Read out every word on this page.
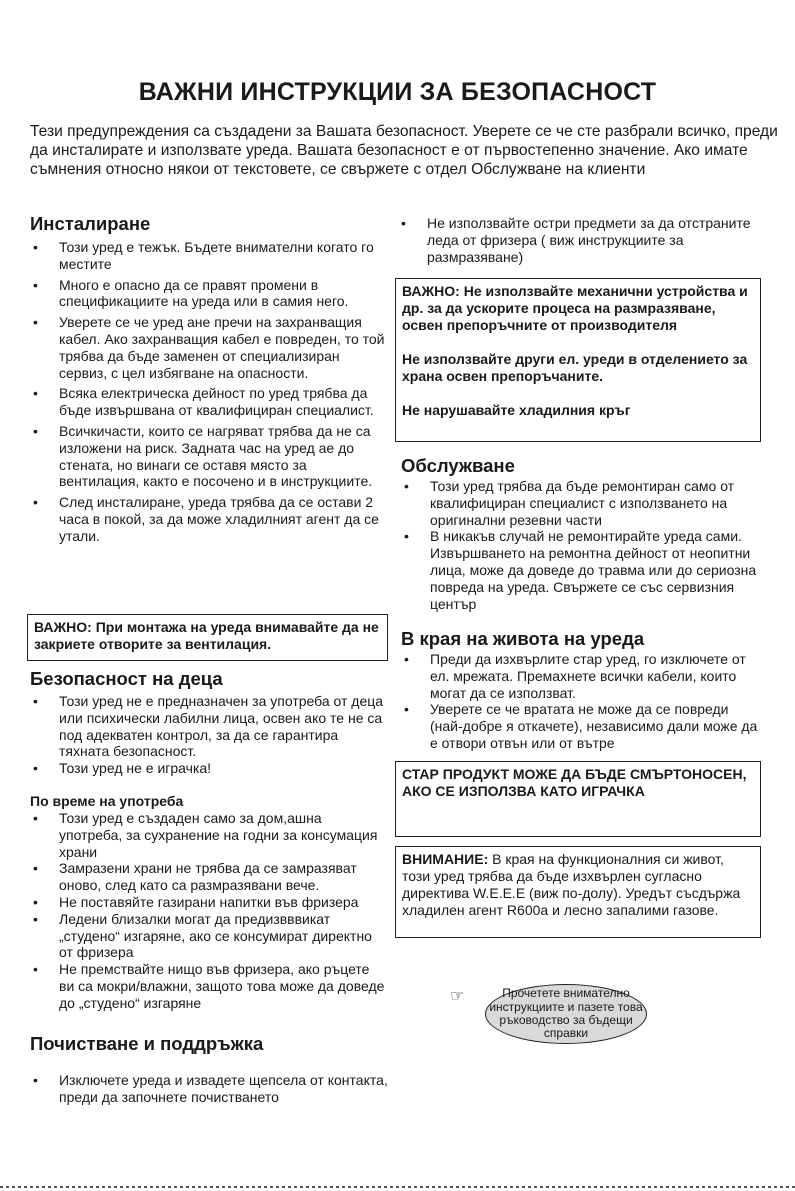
ВАЖНИ ИНСТРУКЦИИ ЗА БЕЗОПАСНОСТ
Тези предупреждения са създадени за Вашата безопасност. Уверете се че сте разбрали всичко, преди да инсталирате и използвате уреда. Вашата безопасност е от първостепенно значение. Ако имате съмнения относно някои от текстовете, се свържете с отдел Обслужване на клиенти
Инсталиране
• Този уред е тежък. Бъдете внимателни когато го местите
• Много е опасно да се правят промени в спецификациите на уреда или в самия него.
• Уверете се че уред ане пречи на захранващия кабел. Ако захранващия кабел е повреден, то той трябва да бъде заменен от специализиран сервиз, с цел избягване на опасности.
• Всяка електрическа дейност по уред трябва да бъде извършвана от квалифициран специалист.
• Всичкичасти, които се нагряват трябва да не са изложени на риск. Задната час на уред ае до стената, но винаги се оставя място за вентилация, както е посочено и в инструкциите.
• След инсталиране, уреда трябва да се остави 2 часа в покой, за да може хладилният агент да се утали.

ВАЖНО: При монтажа на уреда внимавайте да не закриете отворите за вентилация.

Безопасност на деца
• Този уред не е предназначен за употреба от деца или психически лабилни лица, освен ако те не са под адекватен контрол, за да се гарантира тяхната безопасност.
• Този уред не е играчка!
По време на употреба
• Този уред е създаден само за дом,ашна употреба, за сухранение на годни за консумация храни
• Замразени храни не трябва да се замразяват оново, след като са размразявани вече.
• Не поставяйте газирани напитки във фризера
• Ледени близалки могат да предизвввикат „студено“ изгаряне, ако се консумират директно от фризера
• Не премствайте нищо във фризера, ако ръцете ви са мокри/влажни, защото това може да доведе до „студено“ изгаряне
Почистване и поддръжка
• Изключете уреда и извадете щепсела от контакта, преди да започнете почистването
• Не използвайте остри предмети за да отстраните леда от фризера ( виж инструкциите за размразяване)

ВАЖНО: Не използвайте механични устройства и др. за да ускорите процеса на размразяване, освен препоръчните от производителя

Не използвайте други ел. уреди в отделението за храна освен препоръчаните.

Не нарушавайте хладилния кръг

Обслужване
• Този уред трябва да бъде ремонтиран само от квалифициран специалист с използването на оригинални резевни части
• В никакъв случай не ремонтирайте уреда сами. Извършването на ремонтна дейност от неопитни лица, може да доведе до травма или до сериозна повреда на уреда. Свържете се със сервизния център
В края на живота на уреда
• Преди да изхвърлите стар уред, го изключете от ел. мрежата. Премахнете всички кабели, които могат да се използват.
• Уверете се че вратата не може да се повреди (най-добре я откачете), независимо дали може да е отвори отвън или от вътре

СТАР ПРОДУКТ МОЖЕ ДА БЪДЕ СМЪРТОНОСЕН, АКО СЕ ИЗПОЛЗВА КАТО ИГРАЧКА

ВНИМАНИЕ: В края на функционалния си живот, този уред трябва да бъде изхвърлен сугласно директива W.E.E.E (виж по-долу). Уредът съсдържа хладилен агент R600a и лесно запалими газове.

☞	Прочетете внимателно инструкциите и пазете това ръководство за бъдещи справки
